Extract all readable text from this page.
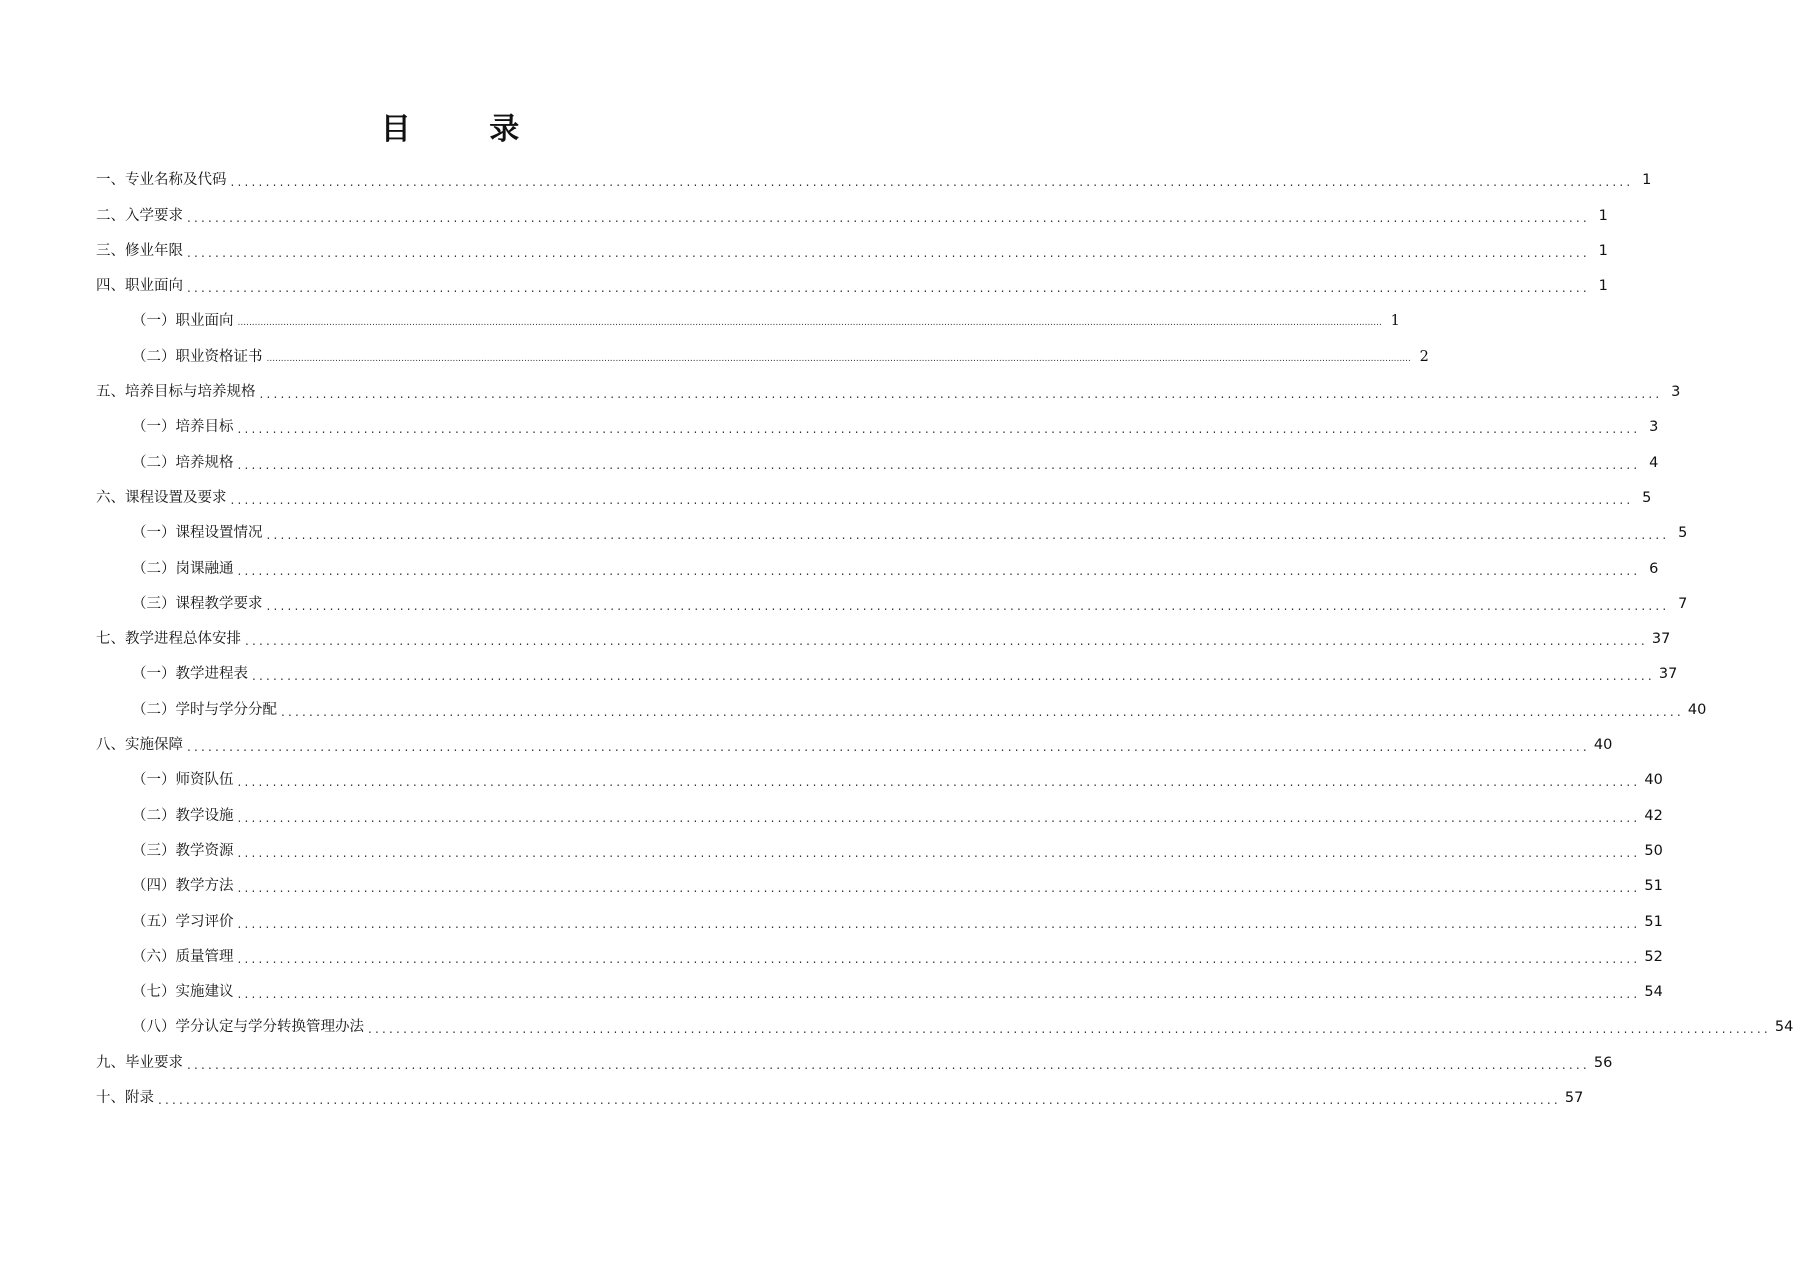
目 录
一、专业名称及代码 ........................................................................................................................................................................................................ 1
二、入学要求 ........................................................................................................................................................................................................ 1
三、修业年限 ........................................................................................................................................................................................................ 1
四、职业面向 ........................................................................................................................................................................................................ 1
（一）职业面向 ................................................................................................................................................................................................................................................................................................................................................................................................................ 1
（二）职业资格证书 ................................................................................................................................................................................................................................................................................................................................................................................................................ 2
五、培养目标与培养规格 ........................................................................................................................................................................................................ 3
（一）培养目标 ........................................................................................................................................................................................................ 3
（二）培养规格 ........................................................................................................................................................................................................ 4
六、课程设置及要求 ........................................................................................................................................................................................................ 5
（一）课程设置情况 ........................................................................................................................................................................................................ 5
（二）岗课融通 ........................................................................................................................................................................................................ 6
（三）课程教学要求 ........................................................................................................................................................................................................ 7
七、教学进程总体安排 ........................................................................................................................................................................................................ 37
（一）教学进程表 ........................................................................................................................................................................................................ 37
（二）学时与学分分配 ........................................................................................................................................................................................................ 40
八、实施保障 ........................................................................................................................................................................................................ 40
（一）师资队伍 ........................................................................................................................................................................................................ 40
（二）教学设施 ........................................................................................................................................................................................................ 42
（三）教学资源 ........................................................................................................................................................................................................ 50
（四）教学方法 ........................................................................................................................................................................................................ 51
（五）学习评价 ........................................................................................................................................................................................................ 51
（六）质量管理 ........................................................................................................................................................................................................ 52
（七）实施建议 ........................................................................................................................................................................................................ 54
（八）学分认定与学分转换管理办法 ........................................................................................................................................................................................................ 54
九、毕业要求 ........................................................................................................................................................................................................ 56
十、附录 ........................................................................................................................................................................................................ 57
